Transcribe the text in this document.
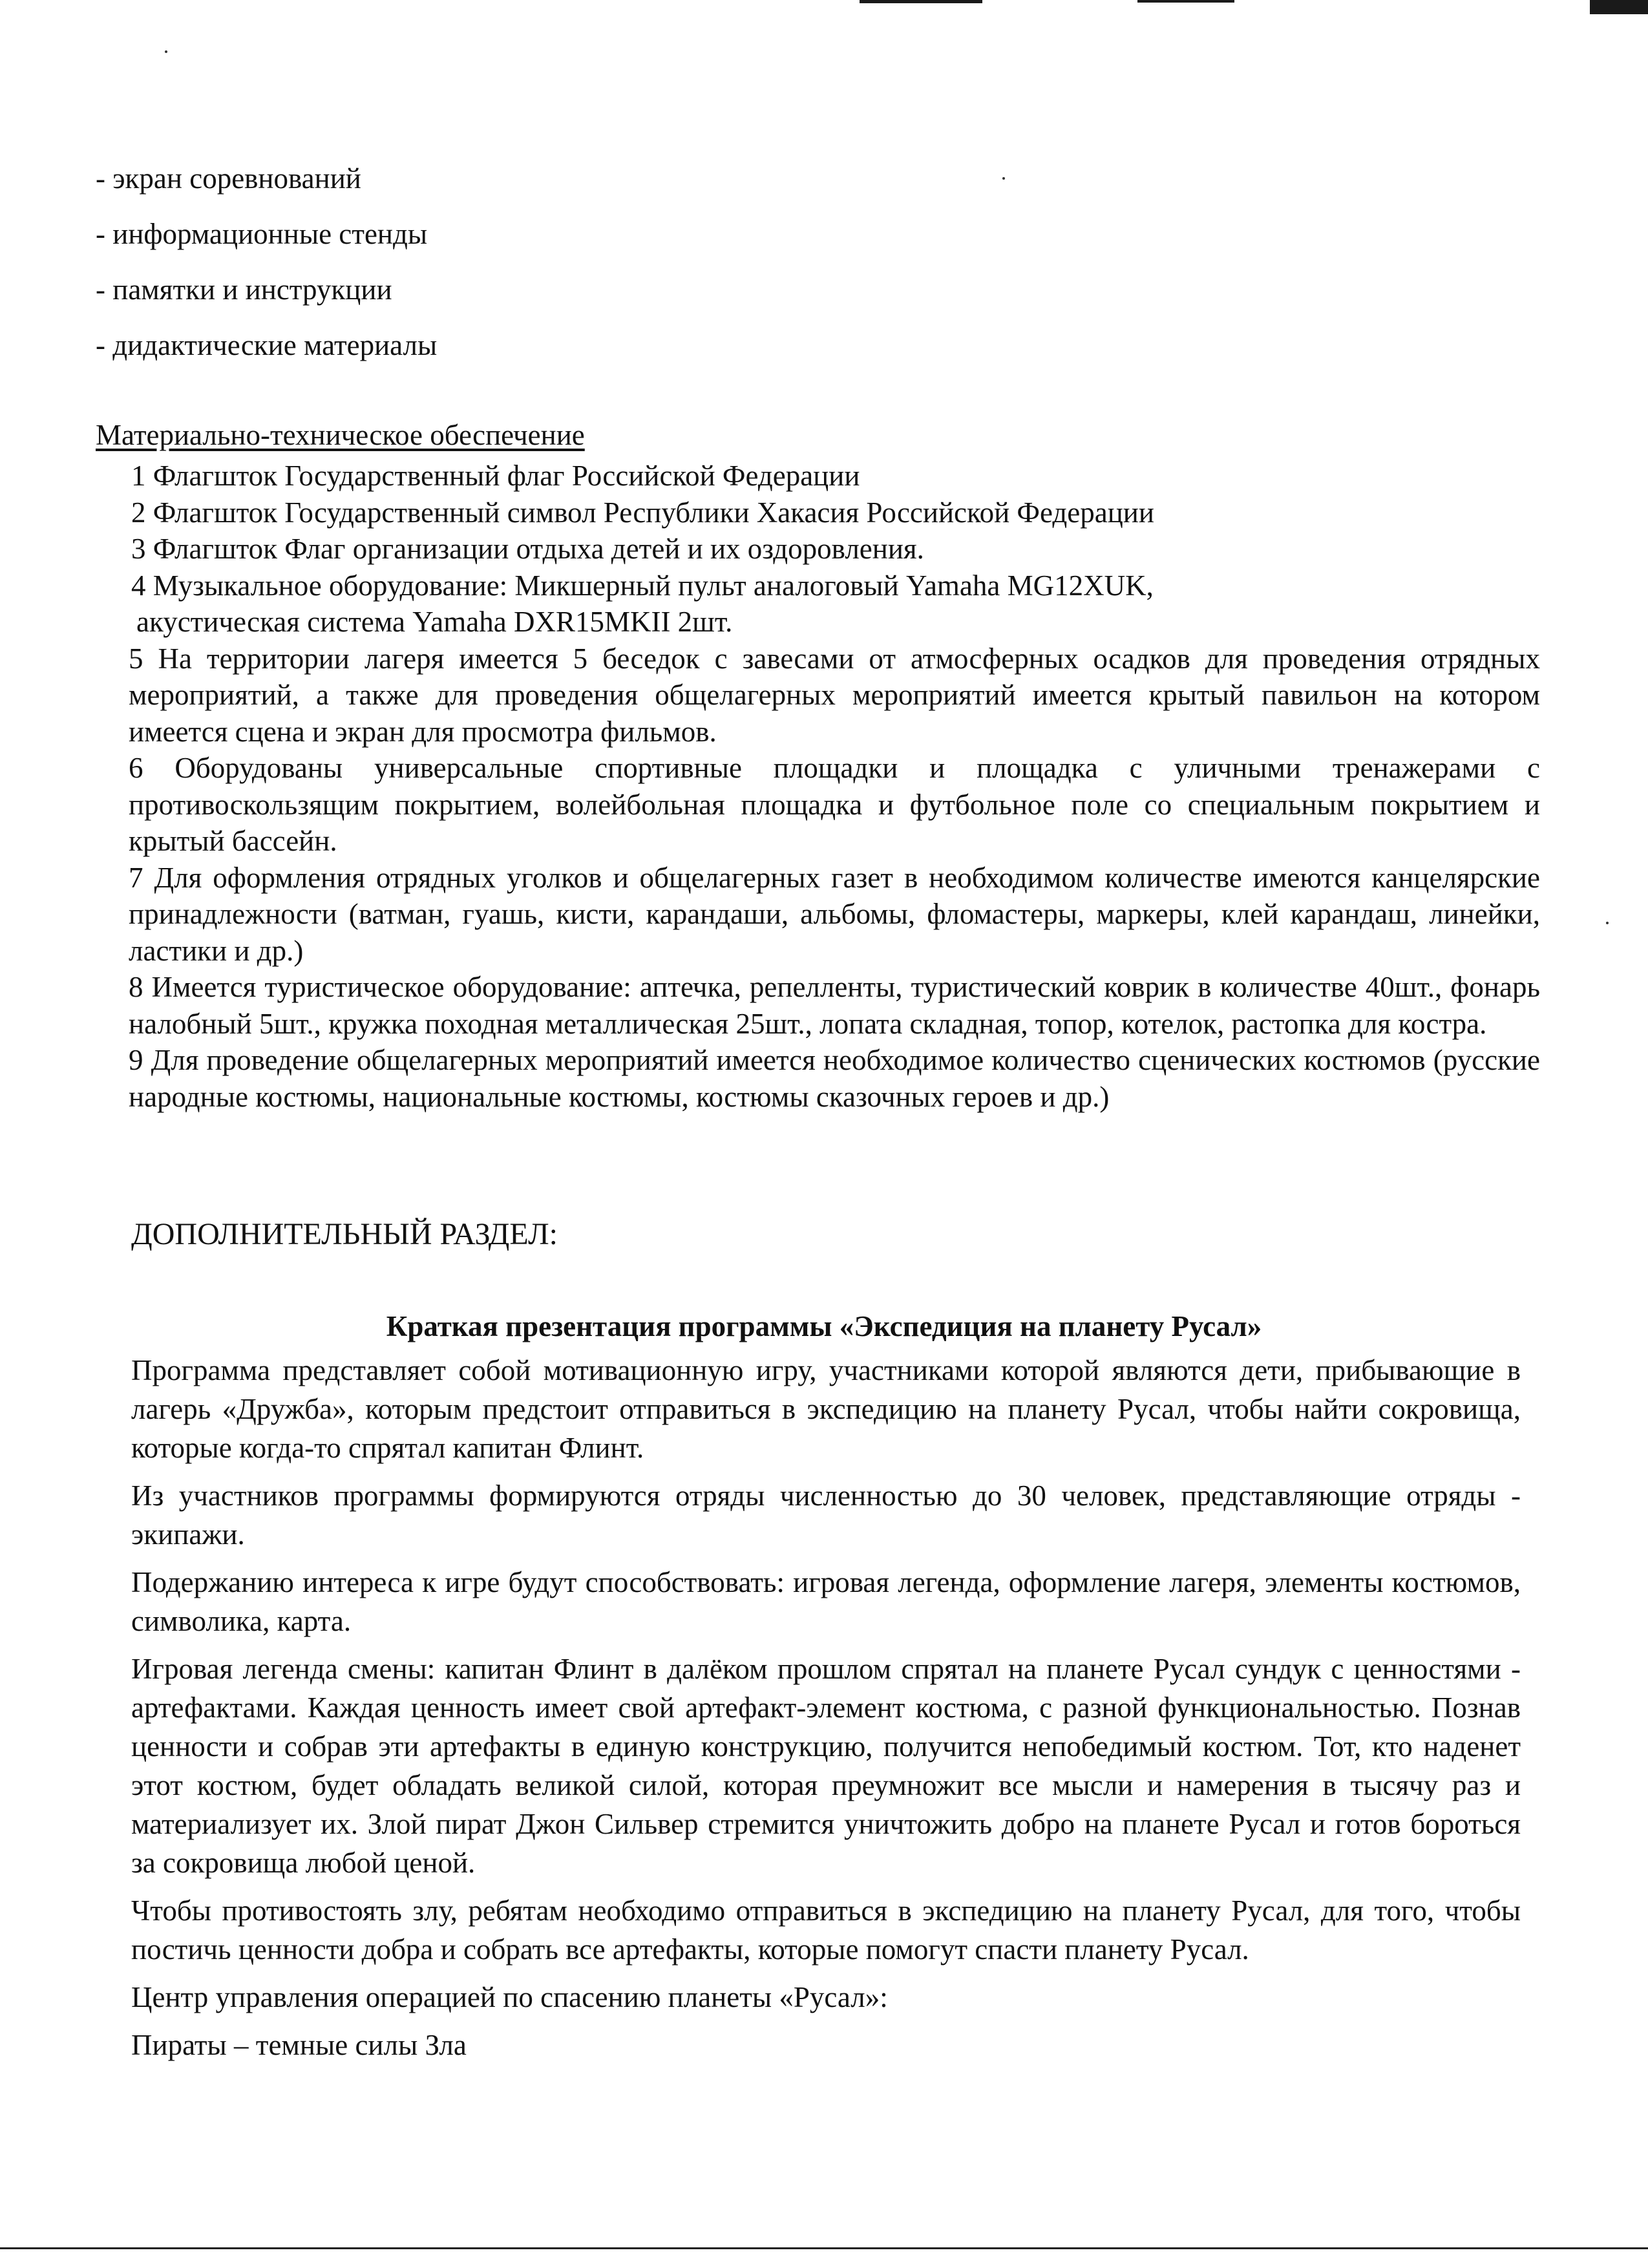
- экран соревнований
- информационные стенды
- памятки и инструкции
- дидактические материалы
Материально-техническое обеспечение

1 Флагшток Государственный флаг Российской Федерации

2 Флагшток Государственный символ Республики Хакасия Российской Федерации

3 Флагшток Флаг организации отдыха детей и их оздоровления.

4 Музыкальное оборудование: Микшерный пульт аналоговый Yamaha MG12XUK,

акустическая система Yamaha DXR15MKII 2шт.

5 На территории лагеря имеется 5 беседок с завесами от атмосферных осадков для проведения отрядных мероприятий, а также для проведения общелагерных мероприятий имеется крытый павильон на котором имеется сцена и экран для просмотра фильмов.

6 Оборудованы универсальные спортивные площадки и площадка с уличными тренажерами с противоскользящим покрытием, волейбольная площадка и футбольное поле со специальным покрытием и крытый бассейн.

7 Для оформления отрядных уголков и общелагерных газет в необходимом количестве имеются канцелярские принадлежности (ватман, гуашь, кисти, карандаши, альбомы, фломастеры, маркеры, клей карандаш, линейки, ластики и др.)

8 Имеется туристическое оборудование: аптечка, репелленты, туристический коврик в количестве 40шт., фонарь налобный 5шт., кружка походная металлическая 25шт., лопата складная, топор, котелок, растопка для костра.

9 Для проведение общелагерных мероприятий имеется необходимое количество сценических костюмов (русские народные костюмы, национальные костюмы, костюмы сказочных героев и др.)

ДОПОЛНИТЕЛЬНЫЙ РАЗДЕЛ:
Краткая презентация программы «Экспедиция на планету Русал»

Программа представляет собой мотивационную игру, участниками которой являются дети, прибывающие в лагерь «Дружба», которым предстоит отправиться в экспедицию на планету Русал, чтобы найти сокровища, которые когда-то спрятал капитан Флинт.

Из участников программы формируются отряды численностью до 30 человек, представляющие отряды - экипажи.

Подержанию интереса к игре будут способствовать: игровая легенда, оформление лагеря, элементы костюмов, символика, карта.

Игровая легенда смены: капитан Флинт в далёком прошлом спрятал на планете Русал сундук с ценностями - артефактами. Каждая ценность имеет свой артефакт-элемент костюма, с разной функциональностью. Познав ценности и собрав эти артефакты в единую конструкцию, получится непобедимый костюм. Тот, кто наденет этот костюм, будет обладать великой силой, которая преумножит все мысли и намерения в тысячу раз и материализует их. Злой пират Джон Сильвер стремится уничтожить добро на планете Русал и готов бороться за сокровища любой ценой.

Чтобы противостоять злу, ребятам необходимо отправиться в экспедицию на планету Русал, для того, чтобы постичь ценности добра и собрать все артефакты, которые помогут спасти планету Русал.

Центр управления операцией по спасению планеты «Русал»:

Пираты – темные силы Зла
